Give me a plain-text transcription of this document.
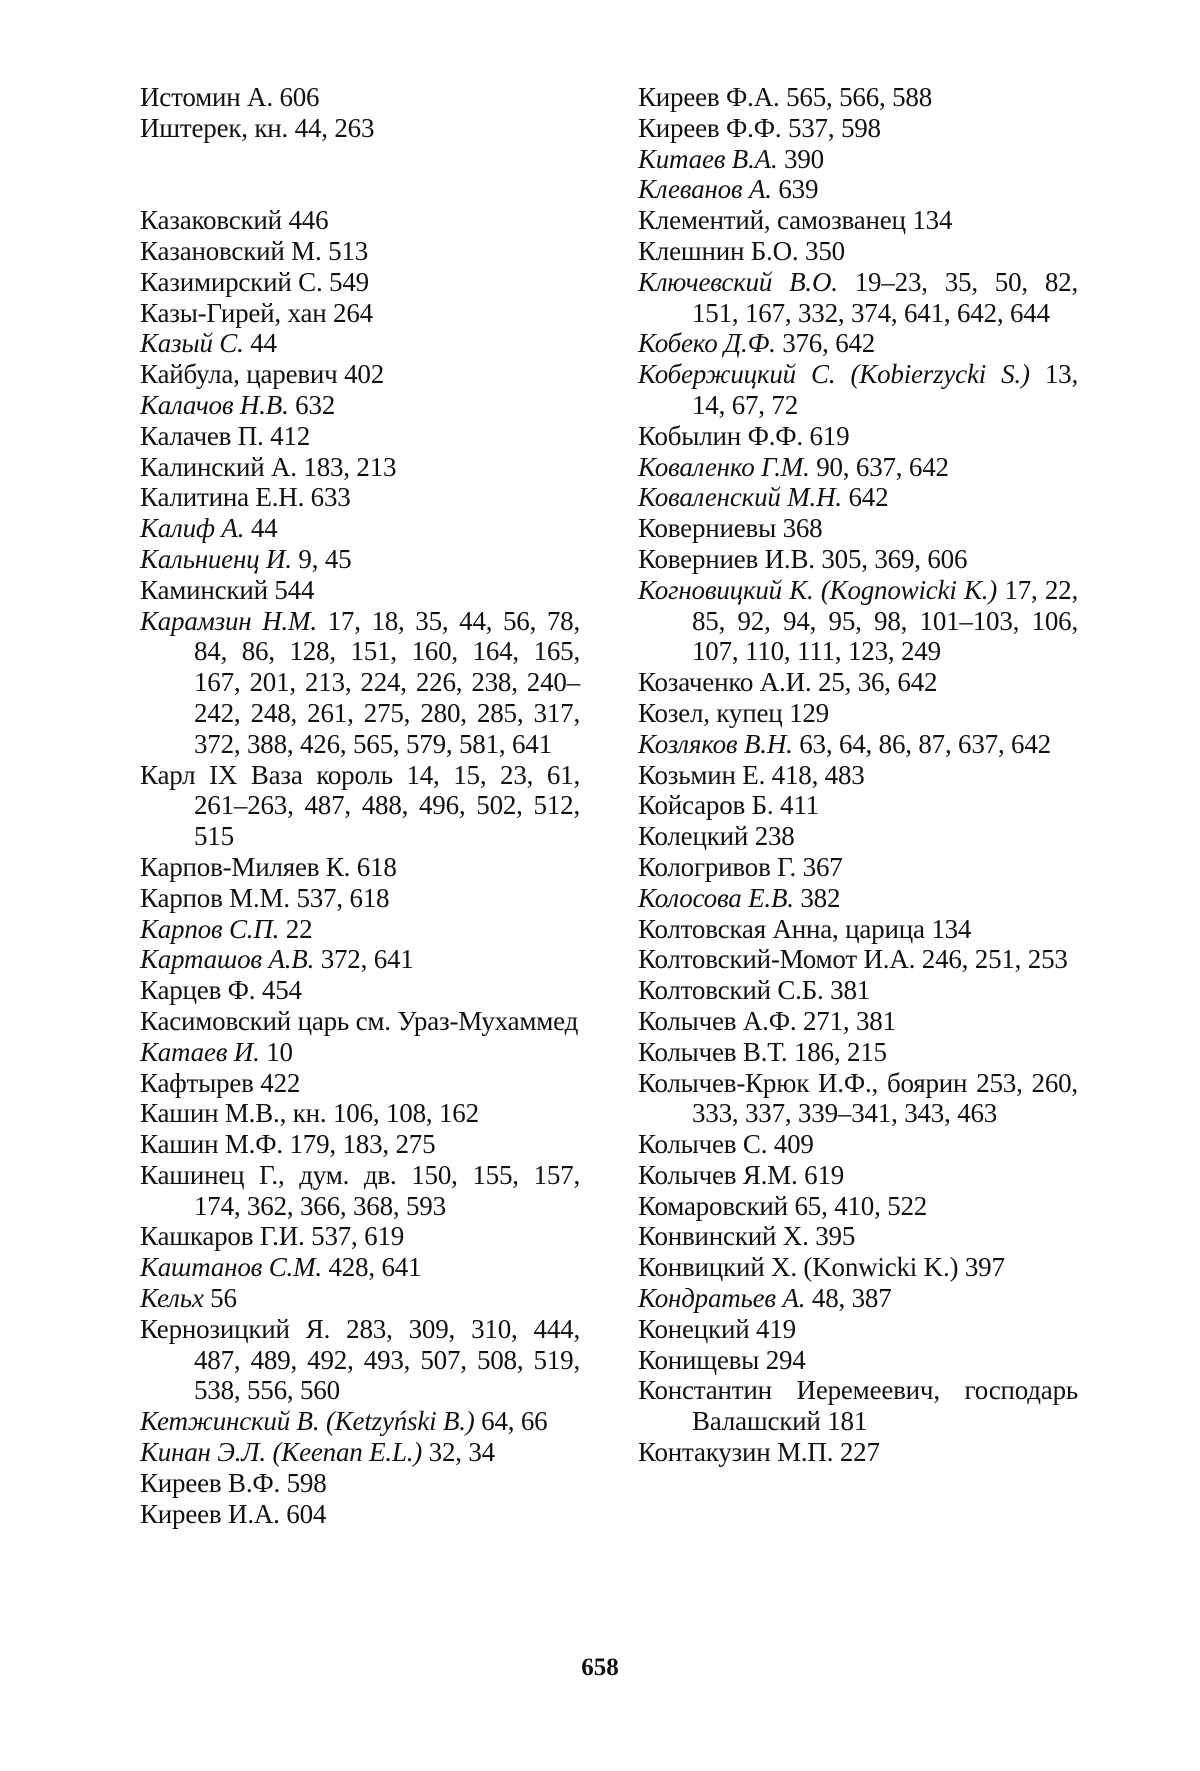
Истомин А. 606
Иштерек, кн. 44, 263
Казаковский 446
Казановский М. 513
Казимирский С. 549
Казы-Гирей, хан 264
Казый С. 44
Кайбула, царевич 402
Калачов Н.В. 632
Калачев П. 412
Калинский А. 183, 213
Калитина Е.Н. 633
Калиф А. 44
Кальниенц И. 9, 45
Каминский 544
Карамзин Н.М. 17, 18, 35, 44, 56, 78, 84, 86, 128, 151, 160, 164, 165, 167, 201, 213, 224, 226, 238, 240–242, 248, 261, 275, 280, 285, 317, 372, 388, 426, 565, 579, 581, 641
Карл IX Ваза король 14, 15, 23, 61, 261–263, 487, 488, 496, 502, 512, 515
Карпов-Миляев К. 618
Карпов М.М. 537, 618
Карпов С.П. 22
Карташов А.В. 372, 641
Карцев Ф. 454
Касимовский царь см. Ураз-Мухаммед
Катаев И. 10
Кафтырев 422
Кашин М.В., кн. 106, 108, 162
Кашин М.Ф. 179, 183, 275
Кашинец Г., дум. дв. 150, 155, 157, 174, 362, 366, 368, 593
Кашкаров Г.И. 537, 619
Каштанов С.М. 428, 641
Кельх 56
Кернозицкий Я. 283, 309, 310, 444, 487, 489, 492, 493, 507, 508, 519, 538, 556, 560
Кетжинский В. (Ketzyński B.) 64, 66
Кинан Э.Л. (Keenan E.L.) 32, 34
Киреев В.Ф. 598
Киреев И.А. 604
Киреев Ф.А. 565, 566, 588
Киреев Ф.Ф. 537, 598
Китаев В.А. 390
Клеванов А. 639
Клементий, самозванец 134
Клешнин Б.О. 350
Ключевский В.О. 19–23, 35, 50, 82, 151, 167, 332, 374, 641, 642, 644
Кобеко Д.Ф. 376, 642
Кобержицкий С. (Kobierzycki S.) 13, 14, 67, 72
Кобылин Ф.Ф. 619
Коваленко Г.М. 90, 637, 642
Коваленский М.Н. 642
Коверниевы 368
Коверниев И.В. 305, 369, 606
Когновицкий К. (Kognowicki K.) 17, 22, 85, 92, 94, 95, 98, 101–103, 106, 107, 110, 111, 123, 249
Козаченко А.И. 25, 36, 642
Козел, купец 129
Козляков В.Н. 63, 64, 86, 87, 637, 642
Козьмин Е. 418, 483
Койсаров Б. 411
Колецкий 238
Кологривов Г. 367
Колосова Е.В. 382
Колтовская Анна, царица 134
Колтовский-Момот И.А. 246, 251, 253
Колтовский С.Б. 381
Колычев А.Ф. 271, 381
Колычев В.Т. 186, 215
Колычев-Крюк И.Ф., боярин 253, 260, 333, 337, 339–341, 343, 463
Колычев С. 409
Колычев Я.М. 619
Комаровский 65, 410, 522
Конвинский Х. 395
Конвицкий Х. (Konwicki K.) 397
Кондратьев А. 48, 387
Конецкий 419
Конищевы 294
Константин Иеремеевич, господарь Валашский 181
Контакузин М.П. 227
658
